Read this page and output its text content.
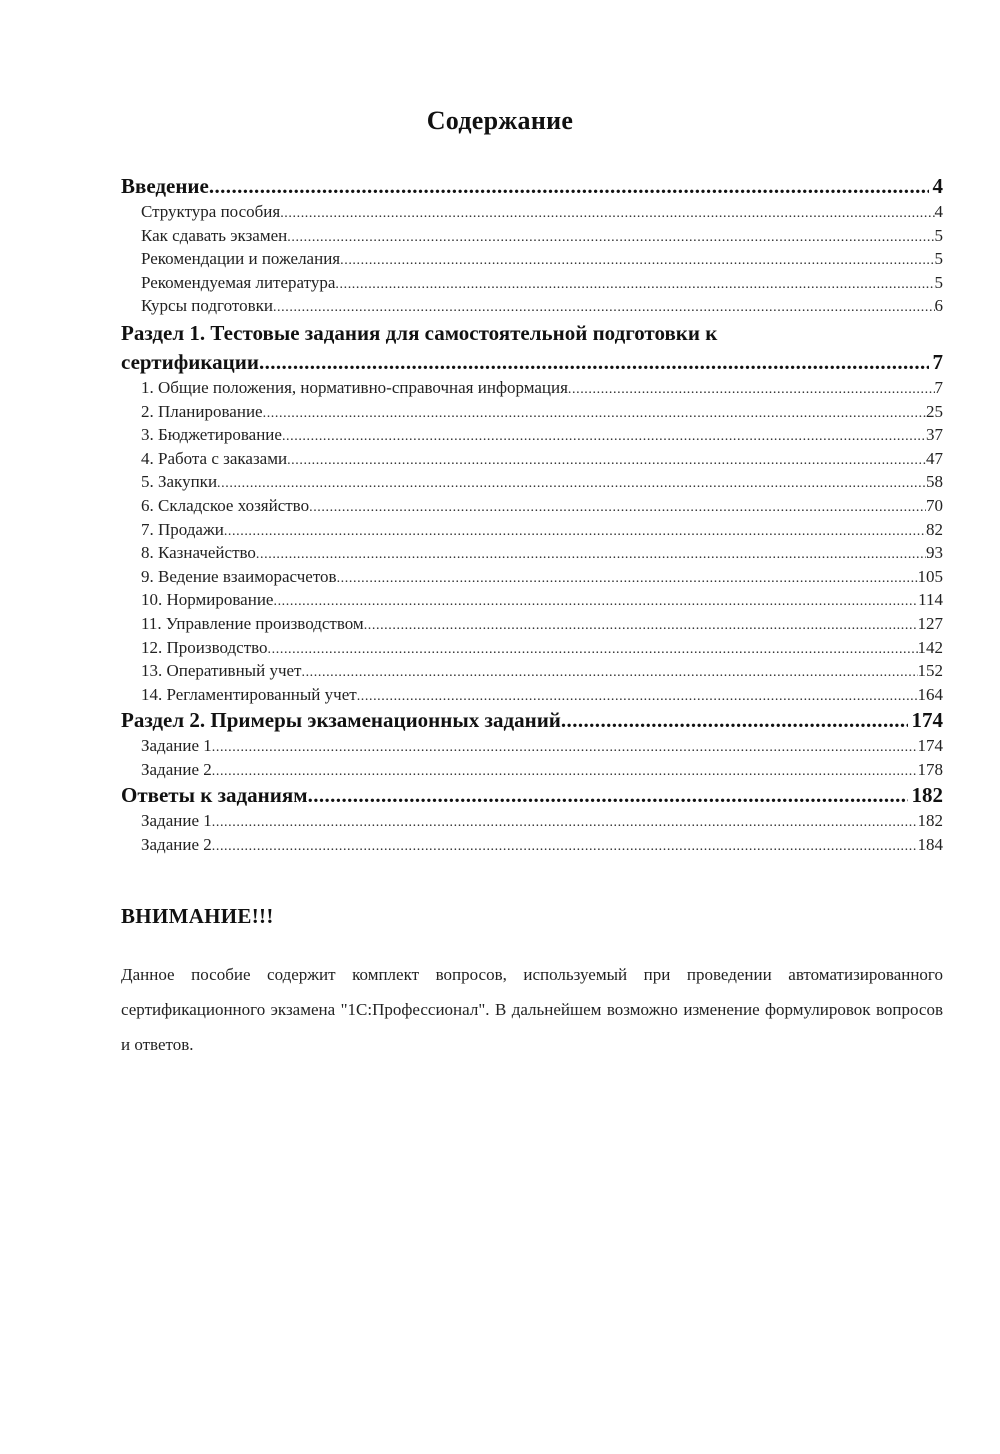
Содержание
Введение .....	4
Структура пособия .....	4
Как сдавать экзамен .....	5
Рекомендации и пожелания .....	5
Рекомендуемая литература .....	5
Курсы подготовки .....	6
Раздел 1. Тестовые задания для самостоятельной подготовки к
сертификации .....	7
1. Общие положения, нормативно-справочная информация .....	7
2. Планирование .....	25
3. Бюджетирование .....	37
4. Работа с заказами .....	47
5. Закупки .....	58
6. Складское хозяйство .....	70
7. Продажи .....	82
8. Казначейство .....	93
9. Ведение взаиморасчетов .....	105
10. Нормирование .....	114
11. Управление производством .....	127
12. Производство .....	142
13. Оперативный учет .....	152
14. Регламентированный учет .....	164
Раздел 2. Примеры экзаменационных заданий .....	174
Задание 1 .....	174
Задание 2 .....	178
Ответы к заданиям .....	182
Задание 1 .....	182
Задание 2 .....	184
ВНИМАНИЕ!!!
Данное пособие содержит комплект вопросов, используемый при проведении автоматизированного сертификационного экзамена "1С:Профессионал". В дальнейшем возможно изменение формулировок вопросов и ответов.
